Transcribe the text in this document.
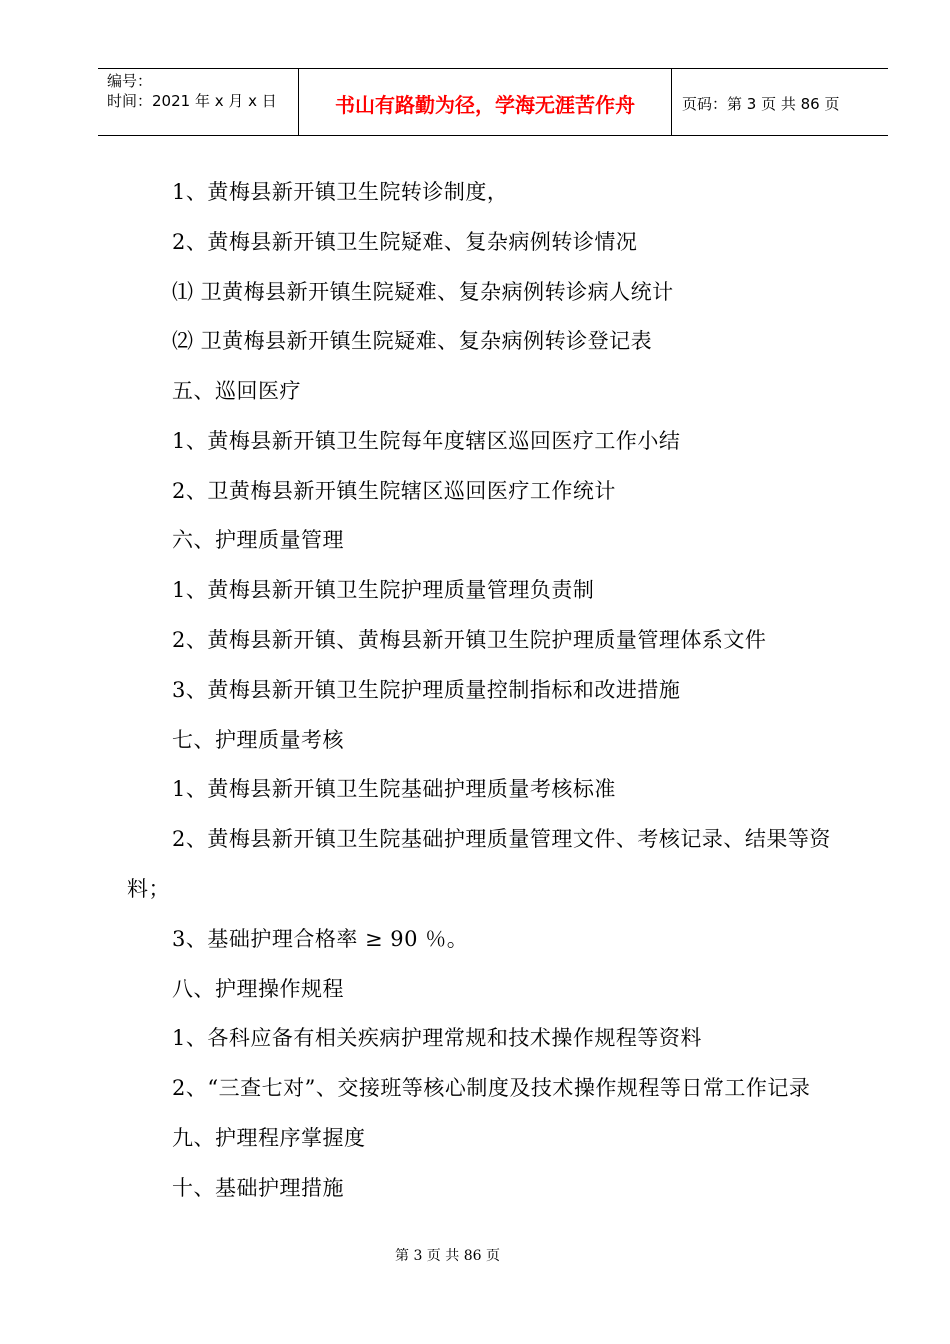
编号：
时间：2021 年 x 月 x 日	书山有路勤为径，学海无涯苦作舟	页码：第 3 页 共 86 页
1、黄梅县新开镇卫生院转诊制度，
2、黄梅县新开镇卫生院疑难、复杂病例转诊情况
⑴ 卫黄梅县新开镇生院疑难、复杂病例转诊病人统计
⑵ 卫黄梅县新开镇生院疑难、复杂病例转诊登记表
五、巡回医疗
1、黄梅县新开镇卫生院每年度辖区巡回医疗工作小结
2、卫黄梅县新开镇生院辖区巡回医疗工作统计
六、护理质量管理
1、黄梅县新开镇卫生院护理质量管理负责制
2、黄梅县新开镇、黄梅县新开镇卫生院护理质量管理体系文件
3、黄梅县新开镇卫生院护理质量控制指标和改进措施
七、护理质量考核
1、黄梅县新开镇卫生院基础护理质量考核标准
2、黄梅县新开镇卫生院基础护理质量管理文件、考核记录、结果等资
料；
3、基础护理合格率 ≥ 90 ％。
八、护理操作规程
1、各科应备有相关疾病护理常规和技术操作规程等资料
2、“三查七对”、交接班等核心制度及技术操作规程等日常工作记录
九、护理程序掌握度
十、基础护理措施
第 3 页 共 86 页
